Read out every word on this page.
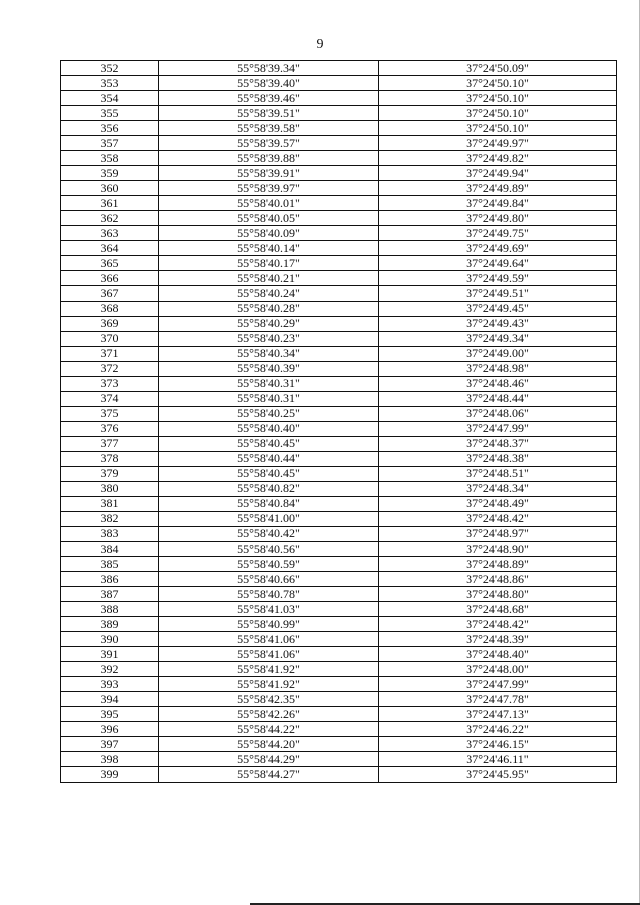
9
352	55°58'39.34"	37°24'50.09"
353	55°58'39.40"	37°24'50.10"
354	55°58'39.46"	37°24'50.10"
355	55°58'39.51"	37°24'50.10"
356	55°58'39.58"	37°24'50.10"
357	55°58'39.57"	37°24'49.97"
358	55°58'39.88"	37°24'49.82"
359	55°58'39.91"	37°24'49.94"
360	55°58'39.97"	37°24'49.89"
361	55°58'40.01"	37°24'49.84"
362	55°58'40.05"	37°24'49.80"
363	55°58'40.09"	37°24'49.75"
364	55°58'40.14"	37°24'49.69"
365	55°58'40.17"	37°24'49.64"
366	55°58'40.21"	37°24'49.59"
367	55°58'40.24"	37°24'49.51"
368	55°58'40.28"	37°24'49.45"
369	55°58'40.29"	37°24'49.43"
370	55°58'40.23"	37°24'49.34"
371	55°58'40.34"	37°24'49.00"
372	55°58'40.39"	37°24'48.98"
373	55°58'40.31"	37°24'48.46"
374	55°58'40.31"	37°24'48.44"
375	55°58'40.25"	37°24'48.06"
376	55°58'40.40"	37°24'47.99"
377	55°58'40.45"	37°24'48.37"
378	55°58'40.44"	37°24'48.38"
379	55°58'40.45"	37°24'48.51"
380	55°58'40.82"	37°24'48.34"
381	55°58'40.84"	37°24'48.49"
382	55°58'41.00"	37°24'48.42"
383	55°58'40.42"	37°24'48.97"
384	55°58'40.56"	37°24'48.90"
385	55°58'40.59"	37°24'48.89"
386	55°58'40.66"	37°24'48.86"
387	55°58'40.78"	37°24'48.80"
388	55°58'41.03"	37°24'48.68"
389	55°58'40.99"	37°24'48.42"
390	55°58'41.06"	37°24'48.39"
391	55°58'41.06"	37°24'48.40"
392	55°58'41.92"	37°24'48.00"
393	55°58'41.92"	37°24'47.99"
394	55°58'42.35"	37°24'47.78"
395	55°58'42.26"	37°24'47.13"
396	55°58'44.22"	37°24'46.22"
397	55°58'44.20"	37°24'46.15"
398	55°58'44.29"	37°24'46.11"
399	55°58'44.27"	37°24'45.95"
